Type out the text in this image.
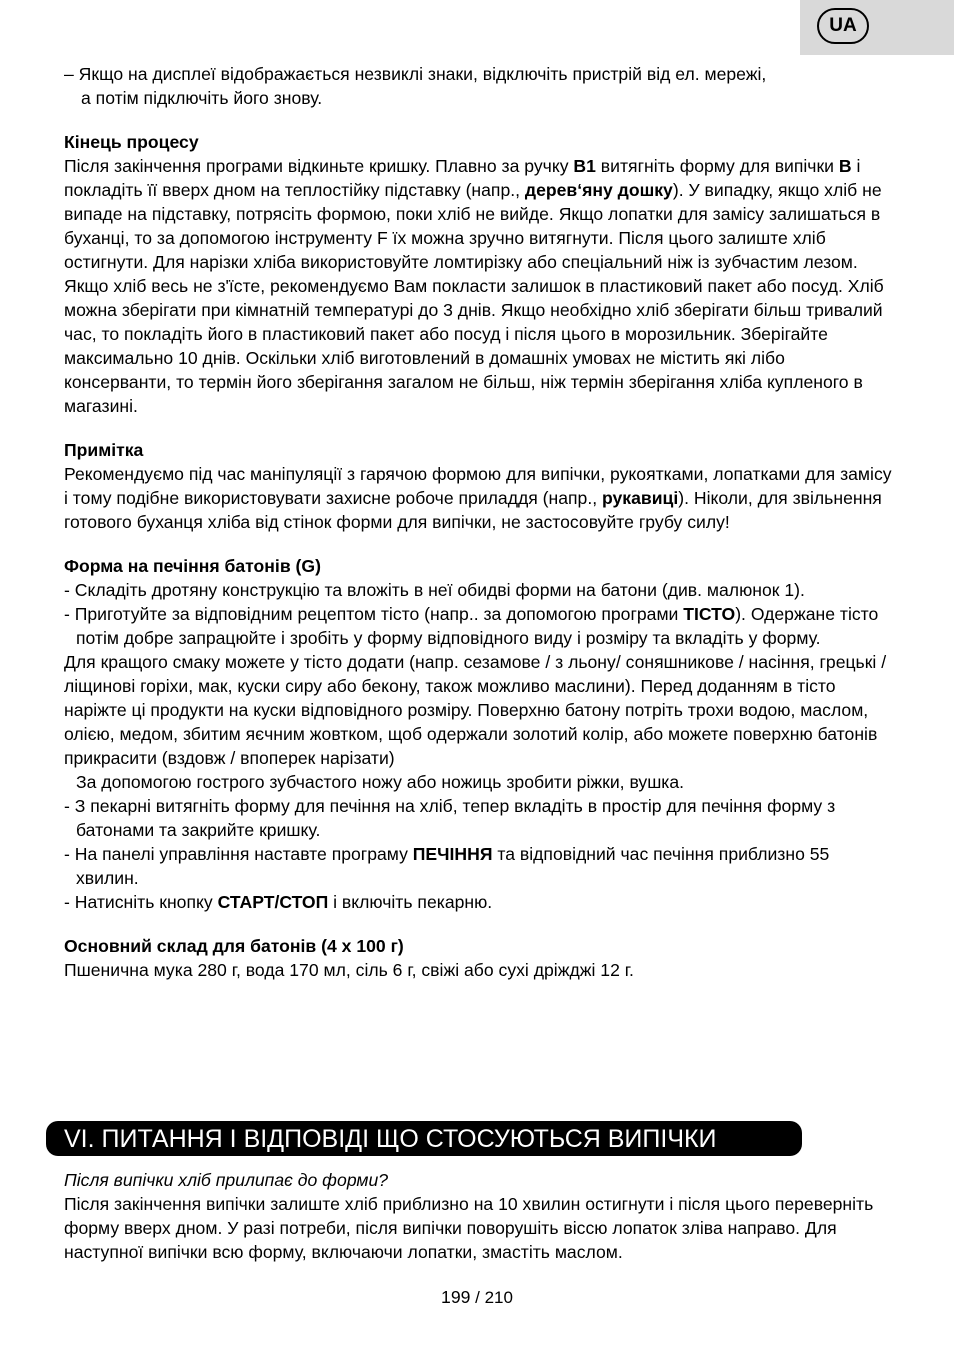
UA

– Якщо на дисплеї відображається незвиклі знаки, відключіть пристрій від ел. мережі,

а потім підключіть його знову.

Кінець процесу

Після закінчення програми відкиньте кришку. Плавно за ручку B1 витягніть форму для випічки B і покладіть її вверх дном на теплостійку підставку (напр., дерев‘яну дошку). У випадку, якщо хліб не випаде на підставку, потрясіть формою, поки хліб не вийде. Якщо лопатки для замісу залишаться в буханці, то за допомогою інструменту F їх можна зручно витягнути. Після цього залиште хліб остигнути. Для нарізки хліба використовуйте ломтирізку або спеціальний ніж із зубчастим лезом. Якщо хліб весь не з'їсте, рекомендуємо Вам покласти залишок в пластиковий пакет або посуд. Хліб можна зберігати при кімнатній температурі до 3 днів. Якщо необхідно хліб зберігати більш тривалий час, то покладіть його в пластиковий пакет або посуд і після цього в морозильник. Зберігайте максимально 10 днів. Оскільки хліб виготовлений в домашніх умовах не містить які лібо консерванти, то термін його зберігання загалом не більш, ніж термін зберігання хліба купленого в магазині.

Примітка

Рекомендуємо під час маніпуляції з гарячою формою для випічки, рукоятками, лопатками для замісу і тому подібне використовувати захисне робоче приладдя (напр., рукавиці). Ніколи, для звільнення готового буханця хліба від стінок форми для випічки, не застосовуйте грубу силу!

Форма на печіння батонів (G)

- Складіть дротяну конструкцію та вложіть в неї обидві форми на батони (див. малюнок 1).

- Приготуйте за відповідним рецептом тісто (напр.. за допомогою програми ТІСТО). Одержане тісто потім добре запрацюйте і зробіть у форму відповідного виду і розміру та вкладіть у форму.

Для кращого смаку можете у тісто додати (напр. сезамове / з льону/ соняшникове / насіння, грецькі / ліщинові горіхи, мак, куски сиру або бекону, також можливо маслини). Перед доданням в тісто наріжте ці продукти на куски відповідного розміру. Поверхню батону потріть трохи водою, маслом, олією, медом, збитим яєчним жовтком, щоб одержали золотий колір, або можете поверхню батонів прикрасити (вздовж / впоперек нарізати)

За допомогою гострого зубчастого ножу або ножиць зробити ріжки, вушка.

- З пекарні витягніть форму для печіння на хліб, тепер вкладіть в простір для печіння форму з батонами та закрийте кришку.

- На панелі управління наставте програму ПЕЧІННЯ та відповідний час печіння приблизно 55 хвилин.

- Натисніть кнопку СТАРТ/СТОП і включіть пекарню.

Основний склад для батонів (4 x 100 г)

Пшенична мука 280 г, вода 170 мл, сіль 6 г, свіжі або сухі дріжджі 12 г.

VI. ПИТАННЯ І ВІДПОВІДІ ЩО СТОСУЮТЬСЯ ВИПІЧКИ

Після випічки хліб прилипає до форми?

Після закінчення випічки залиште хліб приблизно на 10 хвилин остигнути і після цього переверніть форму вверх дном. У разі потреби, після випічки поворушіть віссю лопаток зліва направо. Для наступної випічки всю форму, включаючи лопатки, змастіть маслом.

199 / 210
